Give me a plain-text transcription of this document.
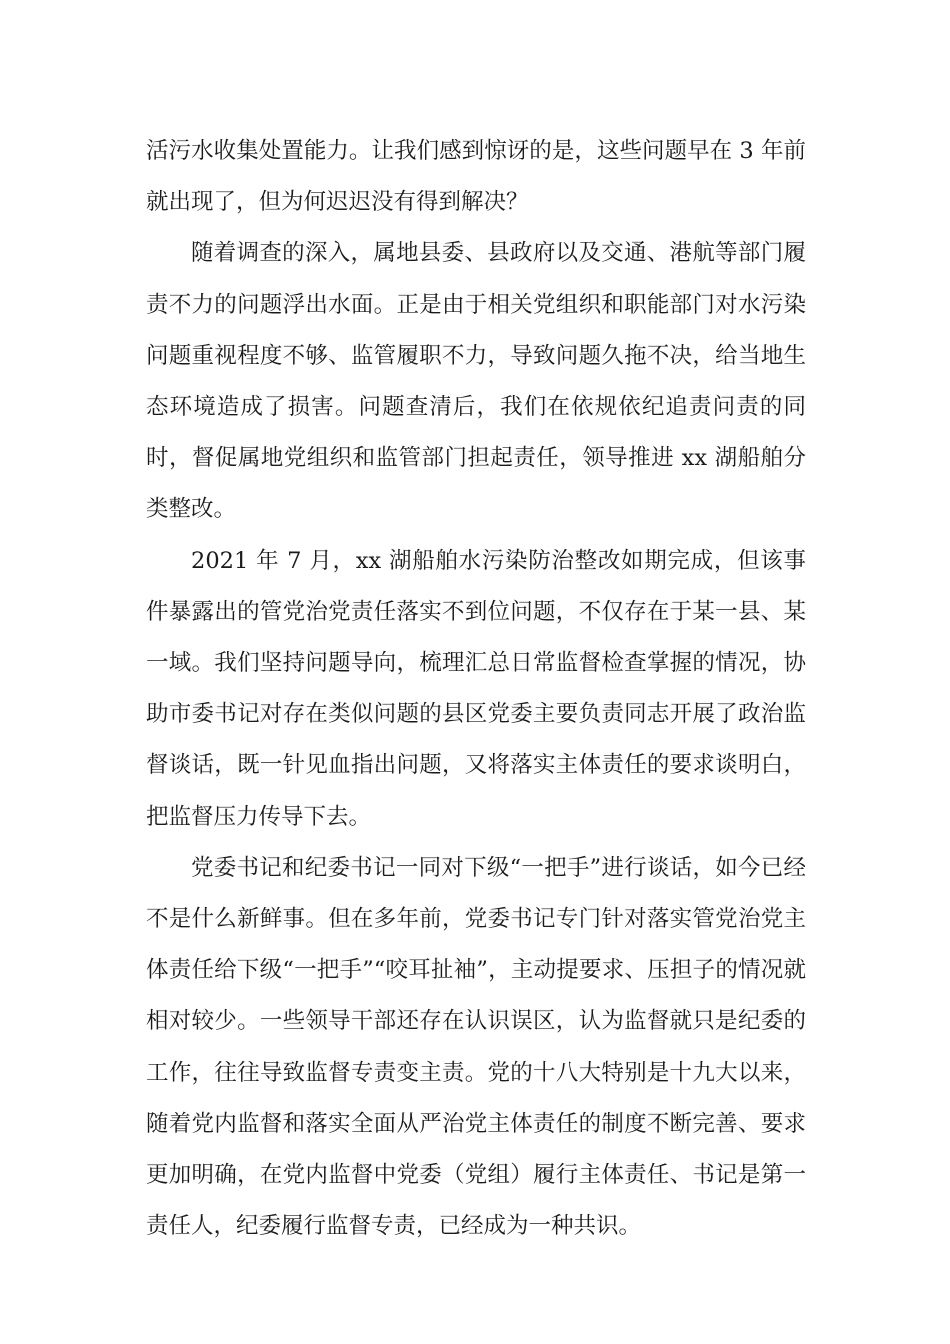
活污水收集处置能力。让我们感到惊讶的是，这些问题早在 3 年前就出现了，但为何迟迟没有得到解决？

随着调查的深入，属地县委、县政府以及交通、港航等部门履责不力的问题浮出水面。正是由于相关党组织和职能部门对水污染问题重视程度不够、监管履职不力，导致问题久拖不决，给当地生态环境造成了损害。问题查清后，我们在依规依纪追责问责的同时，督促属地党组织和监管部门担起责任，领导推进 xx 湖船舶分类整改。

2021 年 7 月，xx 湖船舶水污染防治整改如期完成，但该事件暴露出的管党治党责任落实不到位问题，不仅存在于某一县、某一域。我们坚持问题导向，梳理汇总日常监督检查掌握的情况，协助市委书记对存在类似问题的县区党委主要负责同志开展了政治监督谈话，既一针见血指出问题，又将落实主体责任的要求谈明白，把监督压力传导下去。

党委书记和纪委书记一同对下级“一把手”进行谈话，如今已经不是什么新鲜事。但在多年前，党委书记专门针对落实管党治党主体责任给下级“一把手”“咬耳扯袖”，主动提要求、压担子的情况就相对较少。一些领导干部还存在认识误区，认为监督就只是纪委的工作，往往导致监督专责变主责。党的十八大特别是十九大以来，随着党内监督和落实全面从严治党主体责任的制度不断完善、要求更加明确，在党内监督中党委（党组）履行主体责任、书记是第一责任人，纪委履行监督专责，已经成为一种共识。
